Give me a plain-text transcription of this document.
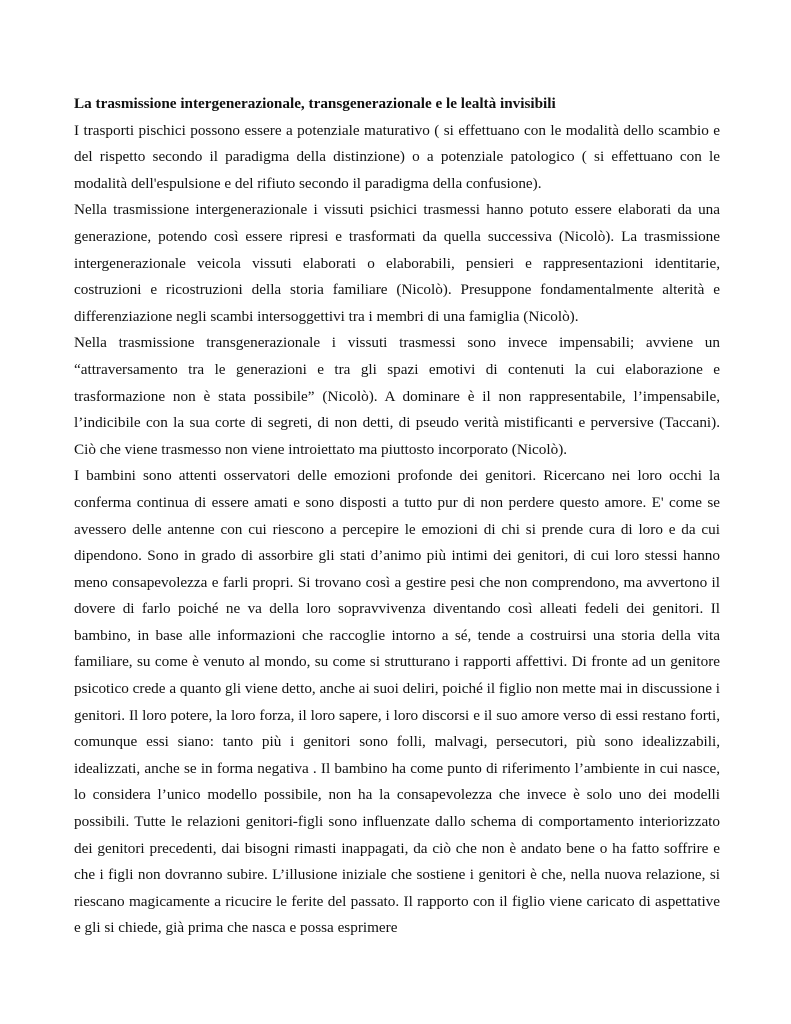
La trasmissione intergenerazionale, transgenerazionale e le lealtà invisibili

I trasporti pischici possono essere a potenziale maturativo ( si effettuano con le modalità dello scambio e del rispetto secondo il paradigma della distinzione) o a potenziale patologico ( si effettuano con le modalità dell'espulsione e del rifiuto secondo il paradigma della confusione).

Nella trasmissione intergenerazionale i vissuti psichici trasmessi hanno potuto essere elaborati da una generazione, potendo così essere ripresi e trasformati da quella successiva (Nicolò). La trasmissione intergenerazionale veicola vissuti elaborati o elaborabili, pensieri e rappresentazioni identitarie, costruzioni e ricostruzioni della storia familiare (Nicolò). Presuppone fondamentalmente alterità e differenziazione negli scambi intersoggettivi tra i membri di una famiglia (Nicolò).

Nella trasmissione transgenerazionale i vissuti trasmessi sono invece impensabili; avviene un “attraversamento tra le generazioni e tra gli spazi emotivi di contenuti la cui elaborazione e trasformazione non è stata possibile” (Nicolò). A dominare è il non rappresentabile, l’impensabile, l’indicibile con la sua corte di segreti, di non detti, di pseudo verità mistificanti e perversive (Taccani). Ciò che viene trasmesso non viene introiettato ma piuttosto incorporato (Nicolò).

I bambini sono attenti osservatori delle emozioni profonde dei genitori. Ricercano nei loro occhi la conferma continua di essere amati e sono disposti a tutto pur di non perdere questo amore. E' come se avessero delle antenne con cui riescono a percepire le emozioni di chi si prende cura di loro e da cui dipendono. Sono in grado di assorbire gli stati d’animo più intimi dei genitori, di cui loro stessi hanno meno consapevolezza e farli propri. Si trovano così a gestire pesi che non comprendono, ma avvertono il dovere di farlo poiché ne va della loro sopravvivenza diventando così alleati fedeli dei genitori. Il bambino, in base alle informazioni che raccoglie intorno a sé, tende a costruirsi una storia della vita familiare, su come è venuto al mondo, su come si strutturano i rapporti affettivi. Di fronte ad un genitore psicotico crede a quanto gli viene detto, anche ai suoi deliri, poiché il figlio non mette mai in discussione i genitori. Il loro potere, la loro forza, il loro sapere, i loro discorsi e il suo amore verso di essi restano forti, comunque essi siano: tanto più i genitori sono folli, malvagi, persecutori, più sono idealizzabili, idealizzati, anche se in forma negativa . Il bambino ha come punto di riferimento l’ambiente in cui nasce, lo considera l’unico modello possibile, non ha la consapevolezza che invece è solo uno dei modelli possibili. Tutte le relazioni genitori-figli sono influenzate dallo schema di comportamento interiorizzato dei genitori precedenti, dai bisogni rimasti inappagati, da ciò che non è andato bene o ha fatto soffrire e che i figli non dovranno subire. L’illusione iniziale che sostiene i genitori è che, nella nuova relazione, si riescano magicamente a ricucire le ferite del passato. Il rapporto con il figlio viene caricato di aspettative e gli si chiede, già prima che nasca e possa esprimere
